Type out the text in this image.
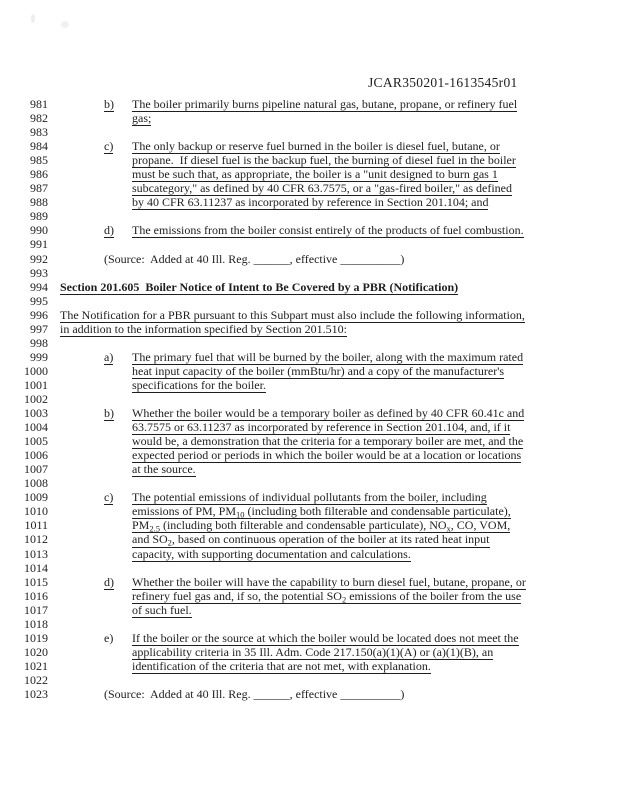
JCAR350201-1613545r01
981	b) The boiler primarily burns pipeline natural gas, butane, propane, or refinery fuel
982	gas;
983
984	c) The only backup or reserve fuel burned in the boiler is diesel fuel, butane, or
985	propane.  If diesel fuel is the backup fuel, the burning of diesel fuel in the boiler
986	must be such that, as appropriate, the boiler is a "unit designed to burn gas 1
987	subcategory," as defined by 40 CFR 63.7575, or a "gas-fired boiler," as defined
988	by 40 CFR 63.11237 as incorporated by reference in Section 201.104; and
989
990	d) The emissions from the boiler consist entirely of the products of fuel combustion.
991
992	(Source:  Added at 40 Ill. Reg. ______, effective __________)
993
994 Section 201.605  Boiler Notice of Intent to Be Covered by a PBR (Notification)
995
996 The Notification for a PBR pursuant to this Subpart must also include the following information,
997 in addition to the information specified by Section 201.510:
998
999	a) The primary fuel that will be burned by the boiler, along with the maximum rated
1000	heat input capacity of the boiler (mmBtu/hr) and a copy of the manufacturer's
1001	specifications for the boiler.
1002
1003	b) Whether the boiler would be a temporary boiler as defined by 40 CFR 60.41c and
1004	63.7575 or 63.11237 as incorporated by reference in Section 201.104, and, if it
1005	would be, a demonstration that the criteria for a temporary boiler are met, and the
1006	expected period or periods in which the boiler would be at a location or locations
1007	at the source.
1008
1009	c) The potential emissions of individual pollutants from the boiler, including
1010	emissions of PM, $PM_{10}$ (including both filterable and condensable particulate),
1011	$PM_{2.5}$ (including both filterable and condensable particulate), $NO_x$, CO, VOM,
1012	and $SO_2$, based on continuous operation of the boiler at its rated heat input
1013	capacity, with supporting documentation and calculations.
1014
1015	d) Whether the boiler will have the capability to burn diesel fuel, butane, propane, or
1016	refinery fuel gas and, if so, the potential $SO_2$ emissions of the boiler from the use
1017	of such fuel.
1018
1019	e) If the boiler or the source at which the boiler would be located does not meet the
1020	applicability criteria in 35 Ill. Adm. Code 217.150(a)(1)(A) or (a)(1)(B), an
1021	identification of the criteria that are not met, with explanation.
1022
1023	(Source:  Added at 40 Ill. Reg. ______, effective __________)
